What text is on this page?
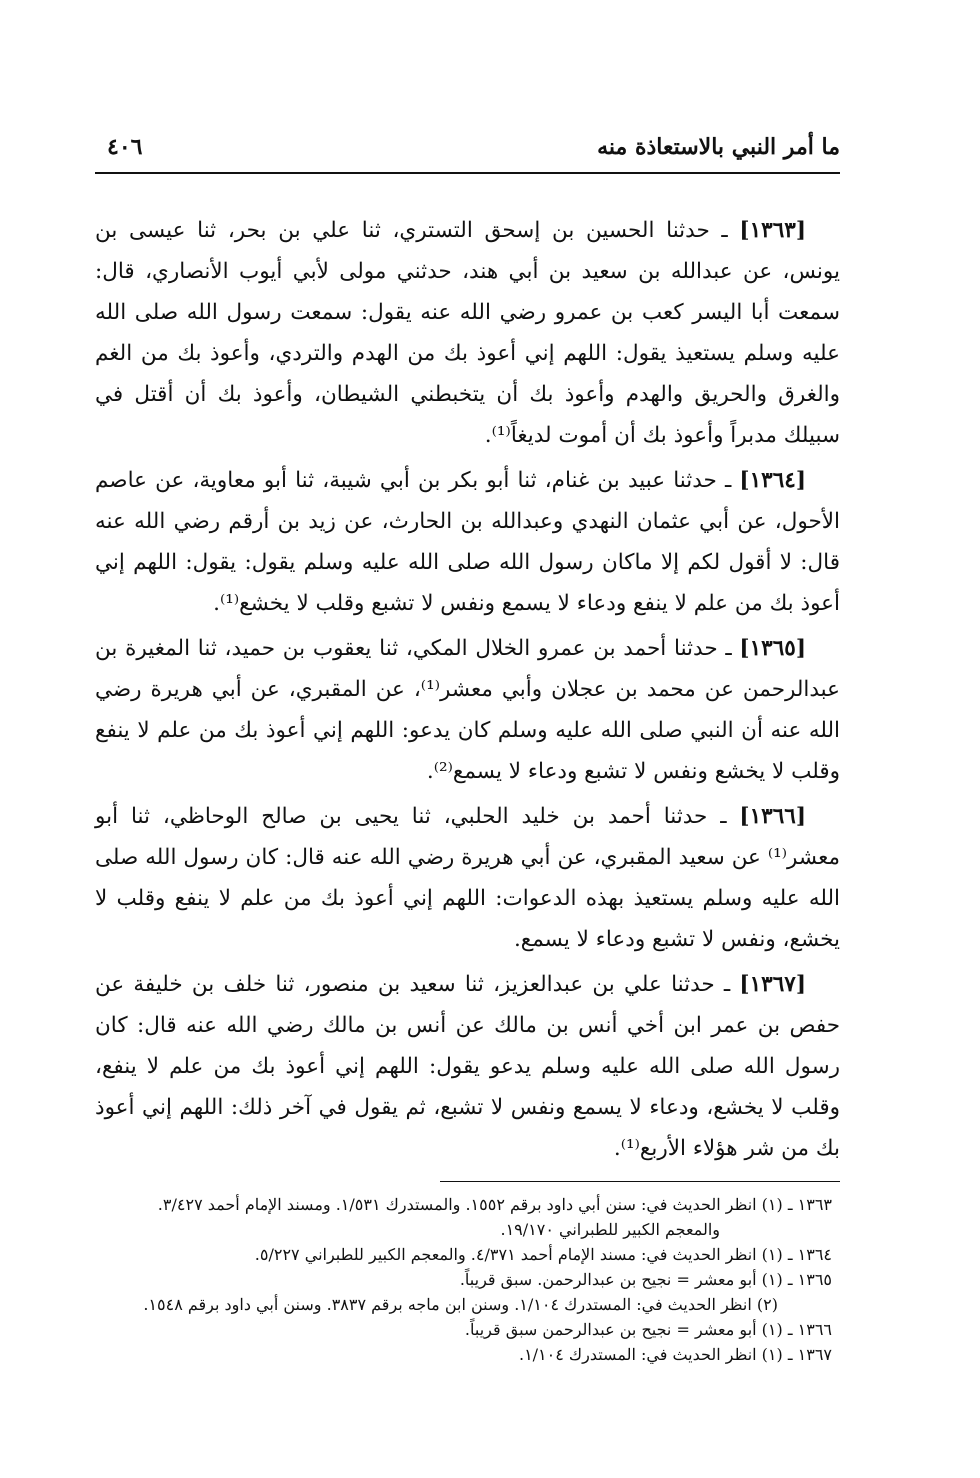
ما أمر النبي بالاستعاذة منه
٤٠٦

[١٣٦٣] ـ حدثنا الحسين بن إسحق التستري، ثنا علي بن بحر، ثنا عيسى بن يونس، عن عبدالله بن سعيد بن أبي هند، حدثني مولى لأبي أيوب الأنصاري، قال: سمعت أبا اليسر كعب بن عمرو رضي الله عنه يقول: سمعت رسول الله صلى الله عليه وسلم يستعيذ يقول: اللهم إني أعوذ بك من الهدم والتردي، وأعوذ بك من الغم والغرق والحريق والهدم وأعوذ بك أن يتخبطني الشيطان، وأعوذ بك أن أقتل في سبيلك مدبراً وأعوذ بك أن أموت لديغاً⁽¹⁾.

[١٣٦٤] ـ حدثنا عبيد بن غنام، ثنا أبو بكر بن أبي شيبة، ثنا أبو معاوية، عن عاصم الأحول، عن أبي عثمان النهدي وعبدالله بن الحارث، عن زيد بن أرقم رضي الله عنه قال: لا أقول لكم إلا ماكان رسول الله صلى الله عليه وسلم يقول: يقول: اللهم إني أعوذ بك من علم لا ينفع ودعاء لا يسمع ونفس لا تشبع وقلب لا يخشع⁽¹⁾.

[١٣٦٥] ـ حدثنا أحمد بن عمرو الخلال المكي، ثنا يعقوب بن حميد، ثنا المغيرة بن عبدالرحمن عن محمد بن عجلان وأبي معشر⁽¹⁾، عن المقبري، عن أبي هريرة رضي الله عنه أن النبي صلى الله عليه وسلم كان يدعو: اللهم إني أعوذ بك من علم لا ينفع وقلب لا يخشع ونفس لا تشبع ودعاء لا يسمع⁽²⁾.

[١٣٦٦] ـ حدثنا أحمد بن خليد الحلبي، ثنا يحيى بن صالح الوحاظي، ثنا أبو معشر⁽¹⁾ عن سعيد المقبري، عن أبي هريرة رضي الله عنه قال: كان رسول الله صلى الله عليه وسلم يستعيذ بهذه الدعوات: اللهم إني أعوذ بك من علم لا ينفع وقلب لا يخشع، ونفس لا تشبع ودعاء لا يسمع.

[١٣٦٧] ـ حدثنا علي بن عبدالعزيز، ثنا سعيد بن منصور، ثنا خلف بن خليفة عن حفص بن عمر ابن أخي أنس بن مالك عن أنس بن مالك رضي الله عنه قال: كان رسول الله صلى الله عليه وسلم يدعو يقول: اللهم إني أعوذ بك من علم لا ينفع، وقلب لا يخشع، ودعاء لا يسمع ونفس لا تشبع، ثم يقول في آخر ذلك: اللهم إني أعوذ بك من شر هؤلاء الأربع⁽¹⁾.

١٣٦٣ ـ (١) انظر الحديث في: سنن أبي داود برقم ١٥٥٢. والمستدرك ١/٥٣١. ومسند الإمام أحمد ٣/٤٢٧.

والمعجم الكبير للطبراني ١٩/١٧٠.

١٣٦٤ ـ (١) انظر الحديث في: مسند الإمام أحمد ٤/٣٧١. والمعجم الكبير للطبراني ٥/٢٢٧.

١٣٦٥ ـ (١) أبو معشر = نجيح بن عبدالرحمن. سبق قريباً.

(٢) انظر الحديث في: المستدرك ١/١٠٤. وسنن ابن ماجه برقم ٣٨٣٧. وسنن أبي داود برقم ١٥٤٨.

١٣٦٦ ـ (١) أبو معشر = نجيح بن عبدالرحمن سبق قريباً.

١٣٦٧ ـ (١) انظر الحديث في: المستدرك ١/١٠٤.
